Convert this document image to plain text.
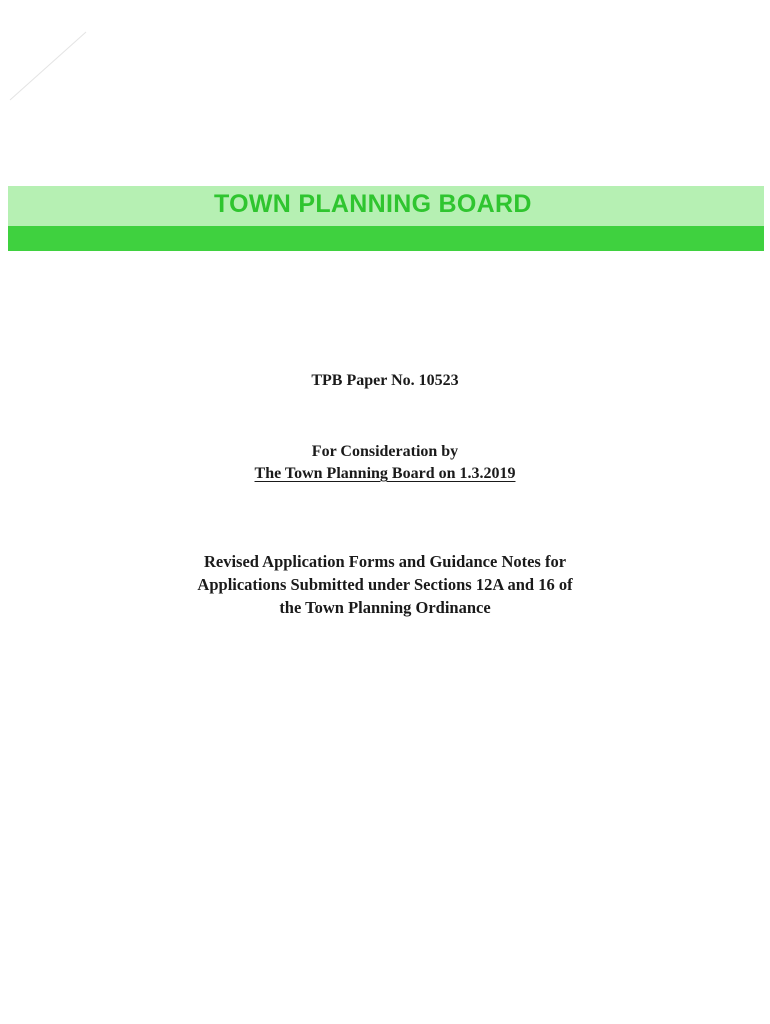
TOWN PLANNING BOARD
TPB Paper No. 10523
For Consideration by
The Town Planning Board on 1.3.2019
Revised Application Forms and Guidance Notes for
Applications Submitted under Sections 12A and 16 of
the Town Planning Ordinance
